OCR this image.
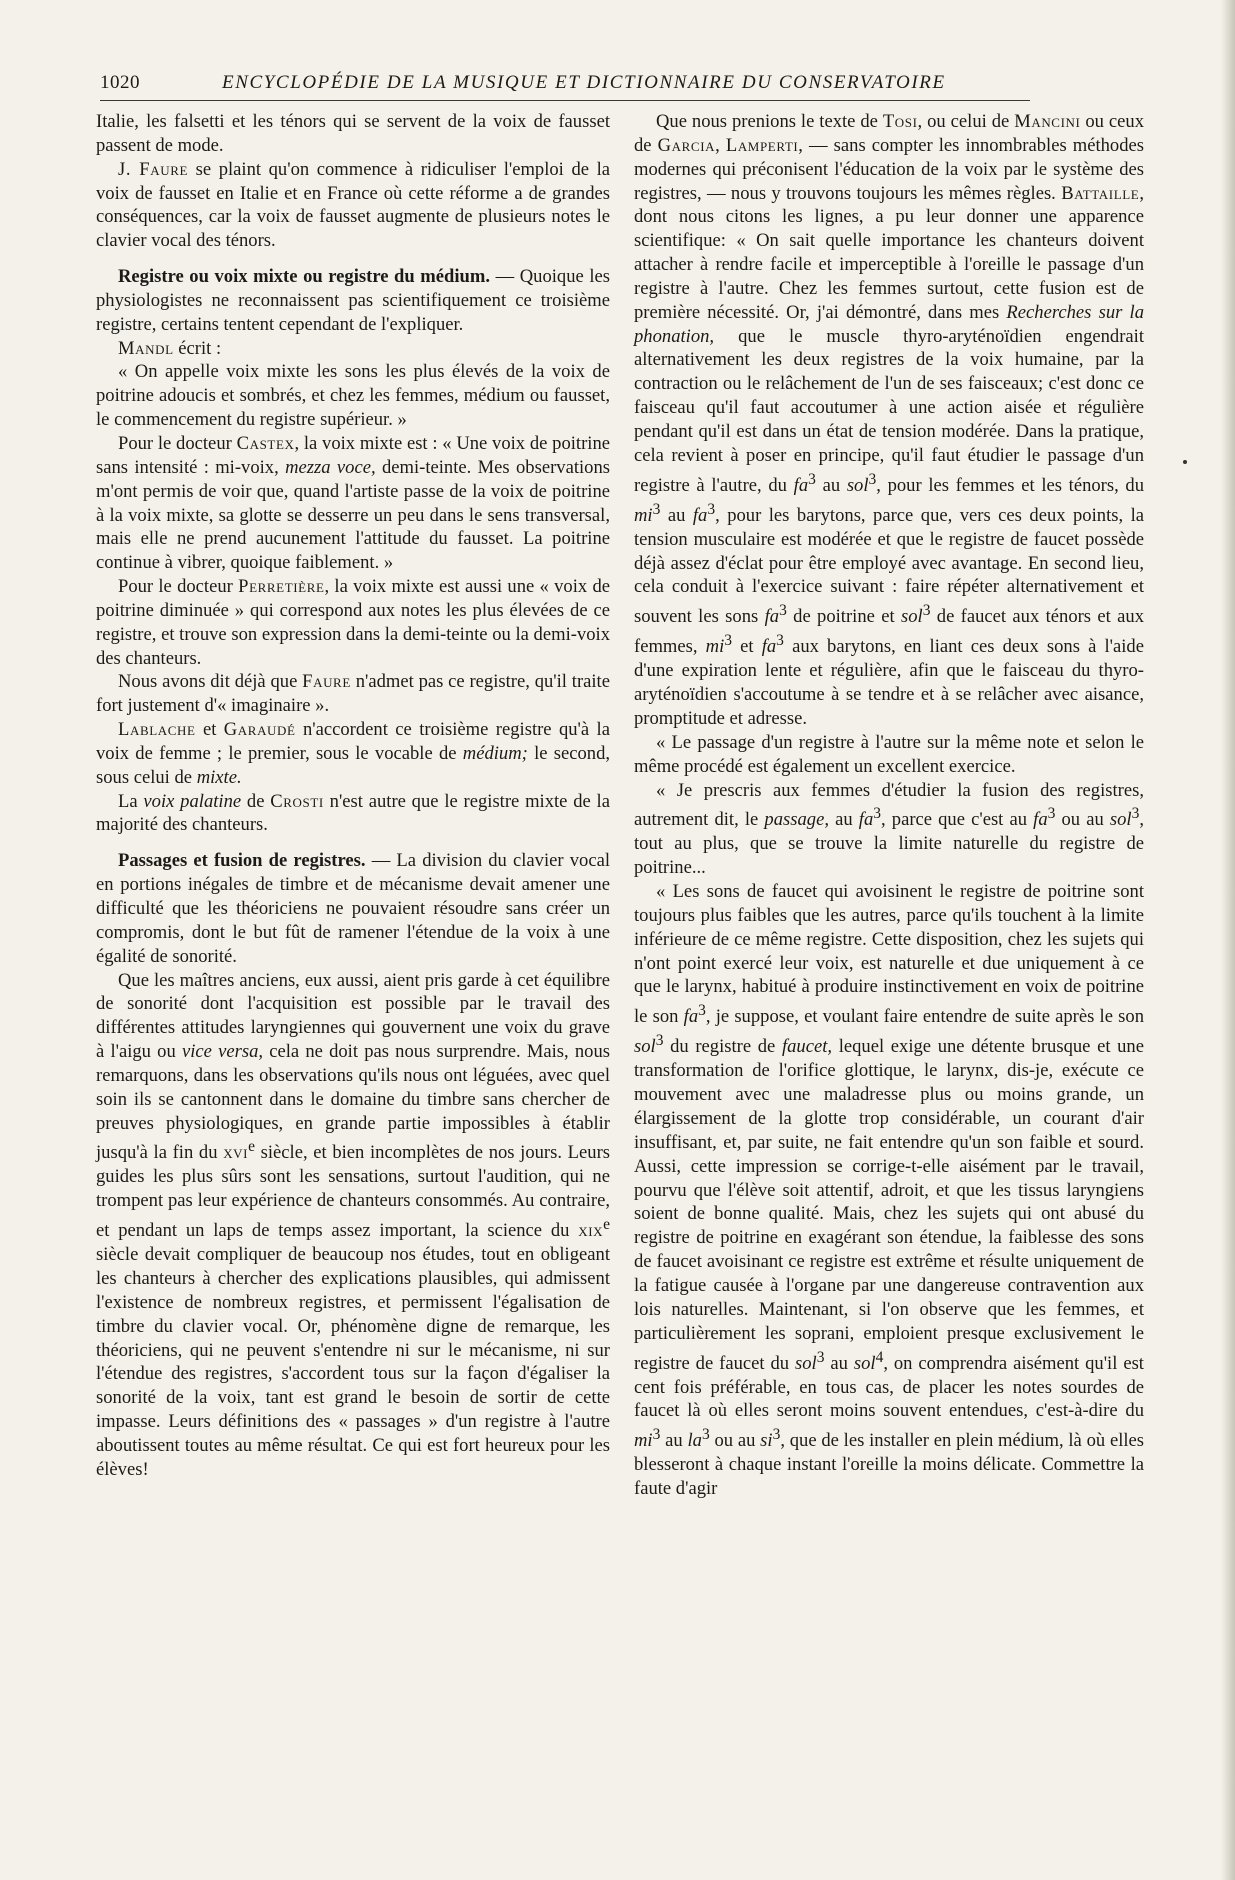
1020	ENCYCLOPÉDIE DE LA MUSIQUE ET DICTIONNAIRE DU CONSERVATOIRE

Italie, les falsetti et les ténors qui se servent de la voix de fausset passent de mode.

J. Faure se plaint qu'on commence à ridiculiser l'emploi de la voix de fausset en Italie et en France où cette réforme a de grandes conséquences, car la voix de fausset augmente de plusieurs notes le clavier vocal des ténors.

Registre ou voix mixte ou registre du médium. — Quoique les physiologistes ne reconnaissent pas scientifiquement ce troisième registre, certains tentent cependant de l'expliquer.

Mandl écrit :

« On appelle voix mixte les sons les plus élevés de la voix de poitrine adoucis et sombrés, et chez les femmes, médium ou fausset, le commencement du registre supérieur. »

Pour le docteur Castex, la voix mixte est : « Une voix de poitrine sans intensité : mi-voix, mezza voce, demi-teinte. Mes observations m'ont permis de voir que, quand l'artiste passe de la voix de poitrine à la voix mixte, sa glotte se desserre un peu dans le sens transversal, mais elle ne prend aucunement l'attitude du fausset. La poitrine continue à vibrer, quoique faiblement. »

Pour le docteur Perretière, la voix mixte est aussi une « voix de poitrine diminuée » qui correspond aux notes les plus élevées de ce registre, et trouve son expression dans la demi-teinte ou la demi-voix des chanteurs.

Nous avons dit déjà que Faure n'admet pas ce registre, qu'il traite fort justement d'« imaginaire ».

Lablache et Garaudé n'accordent ce troisième registre qu'à la voix de femme ; le premier, sous le vocable de médium; le second, sous celui de mixte.

La voix palatine de Crosti n'est autre que le registre mixte de la majorité des chanteurs.

Passages et fusion de registres. — La division du clavier vocal en portions inégales de timbre et de mécanisme devait amener une difficulté que les théoriciens ne pouvaient résoudre sans créer un compromis, dont le but fût de ramener l'étendue de la voix à une égalité de sonorité.

Que les maîtres anciens, eux aussi, aient pris garde à cet équilibre de sonorité dont l'acquisition est possible par le travail des différentes attitudes laryngiennes qui gouvernent une voix du grave à l'aigu ou vice versa, cela ne doit pas nous surprendre. Mais, nous remarquons, dans les observations qu'ils nous ont léguées, avec quel soin ils se cantonnent dans le domaine du timbre sans chercher de preuves physiologiques, en grande partie impossibles à établir jusqu'à la fin du xvi$^e$ siècle, et bien incomplètes de nos jours. Leurs guides les plus sûrs sont les sensations, surtout l'audition, qui ne trompent pas leur expérience de chanteurs consommés. Au contraire, et pendant un laps de temps assez important, la science du xix$^e$ siècle devait compliquer de beaucoup nos études, tout en obligeant les chanteurs à chercher des explications plausibles, qui admissent l'existence de nombreux registres, et permissent l'égalisation de timbre du clavier vocal. Or, phénomène digne de remarque, les théoriciens, qui ne peuvent s'entendre ni sur le mécanisme, ni sur l'étendue des registres, s'accordent tous sur la façon d'égaliser la sonorité de la voix, tant est grand le besoin de sortir de cette impasse. Leurs définitions des « passages » d'un registre à l'autre aboutissent toutes au même résultat. Ce qui est fort heureux pour les élèves!

Que nous prenions le texte de Tosi, ou celui de Mancini ou ceux de Garcia, Lamperti, — sans compter les innombrables méthodes modernes qui préconisent l'éducation de la voix par le système des registres, — nous y trouvons toujours les mêmes règles. Battaille, dont nous citons les lignes, a pu leur donner une apparence scientifique: « On sait quelle importance les chanteurs doivent attacher à rendre facile et imperceptible à l'oreille le passage d'un registre à l'autre. Chez les femmes surtout, cette fusion est de première nécessité. Or, j'ai démontré, dans mes Recherches sur la phonation, que le muscle thyro-aryténoïdien engendrait alternativement les deux registres de la voix humaine, par la contraction ou le relâchement de l'un de ses faisceaux; c'est donc ce faisceau qu'il faut accoutumer à une action aisée et régulière pendant qu'il est dans un état de tension modérée. Dans la pratique, cela revient à poser en principe, qu'il faut étudier le passage d'un registre à l'autre, du $fa^3$ au sol$^3$, pour les femmes et les ténors, du $mi^3$ au $fa^3$, pour les barytons, parce que, vers ces deux points, la tension musculaire est modérée et que le registre de faucet possède déjà assez d'éclat pour être employé avec avantage. En second lieu, cela conduit à l'exercice suivant : faire répéter alternativement et souvent les sons $fa^3$ de poitrine et sol$^3$ de faucet aux ténors et aux femmes, $mi^3$ et $fa^3$ aux barytons, en liant ces deux sons à l'aide d'une expiration lente et régulière, afin que le faisceau du thyro-aryténoïdien s'accoutume à se tendre et à se relâcher avec aisance, promptitude et adresse.

« Le passage d'un registre à l'autre sur la même note et selon le même procédé est également un excellent exercice.

« Je prescris aux femmes d'étudier la fusion des registres, autrement dit, le passage, au $fa^3$, parce que c'est au $fa^3$ ou au sol$^3$, tout au plus, que se trouve la limite naturelle du registre de poitrine...

« Les sons de faucet qui avoisinent le registre de poitrine sont toujours plus faibles que les autres, parce qu'ils touchent à la limite inférieure de ce même registre. Cette disposition, chez les sujets qui n'ont point exercé leur voix, est naturelle et due uniquement à ce que le larynx, habitué à produire instinctivement en voix de poitrine le son $fa^3$, je suppose, et voulant faire entendre de suite après le son sol$^3$ du registre de faucet, lequel exige une détente brusque et une transformation de l'orifice glottique, le larynx, dis-je, exécute ce mouvement avec une maladresse plus ou moins grande, un élargissement de la glotte trop considérable, un courant d'air insuffisant, et, par suite, ne fait entendre qu'un son faible et sourd. Aussi, cette impression se corrige-t-elle aisément par le travail, pourvu que l'élève soit attentif, adroit, et que les tissus laryngiens soient de bonne qualité. Mais, chez les sujets qui ont abusé du registre de poitrine en exagérant son étendue, la faiblesse des sons de faucet avoisinant ce registre est extrême et résulte uniquement de la fatigue causée à l'organe par une dangereuse contravention aux lois naturelles. Maintenant, si l'on observe que les femmes, et particulièrement les soprani, emploient presque exclusivement le registre de faucet du sol$^3$ au sol$^4$, on comprendra aisément qu'il est cent fois préférable, en tous cas, de placer les notes sourdes de faucet là où elles seront moins souvent entendues, c'est-à-dire du $mi^3$ au $la^3$ ou au $si^3$, que de les installer en plein médium, là où elles blesseront à chaque instant l'oreille la moins délicate. Commettre la faute d'agir
